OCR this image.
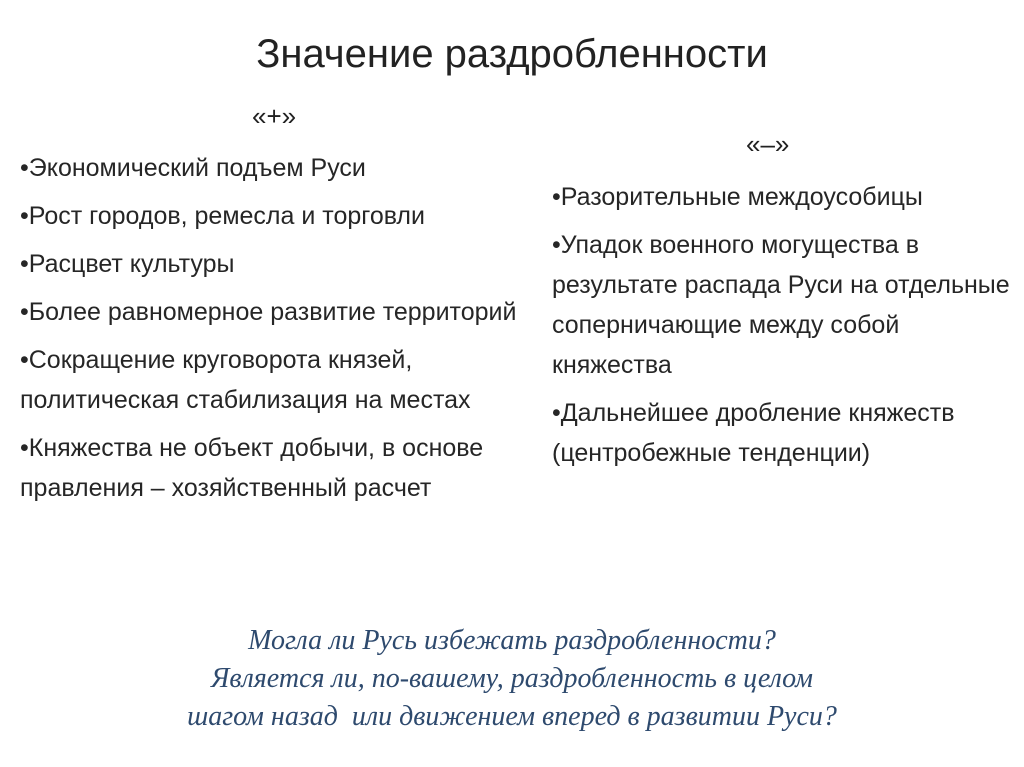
Значение раздробленности
«+»
•Экономический подъем Руси
•Рост городов, ремесла и торговли
•Расцвет культуры
•Более равномерное развитие территорий
•Сокращение круговорота князей, политическая стабилизация на местах
•Княжества не объект добычи, в основе правления – хозяйственный расчет
«–»
•Разорительные междоусобицы
•Упадок военного могущества в результате распада Руси на отдельные соперничающие между собой княжества
•Дальнейшее дробление княжеств (центробежные тенденции)
Могла ли Русь избежать раздробленности?
Является ли, по-вашему, раздробленность в целом
шагом назад  или движением вперед в развитии Руси?
